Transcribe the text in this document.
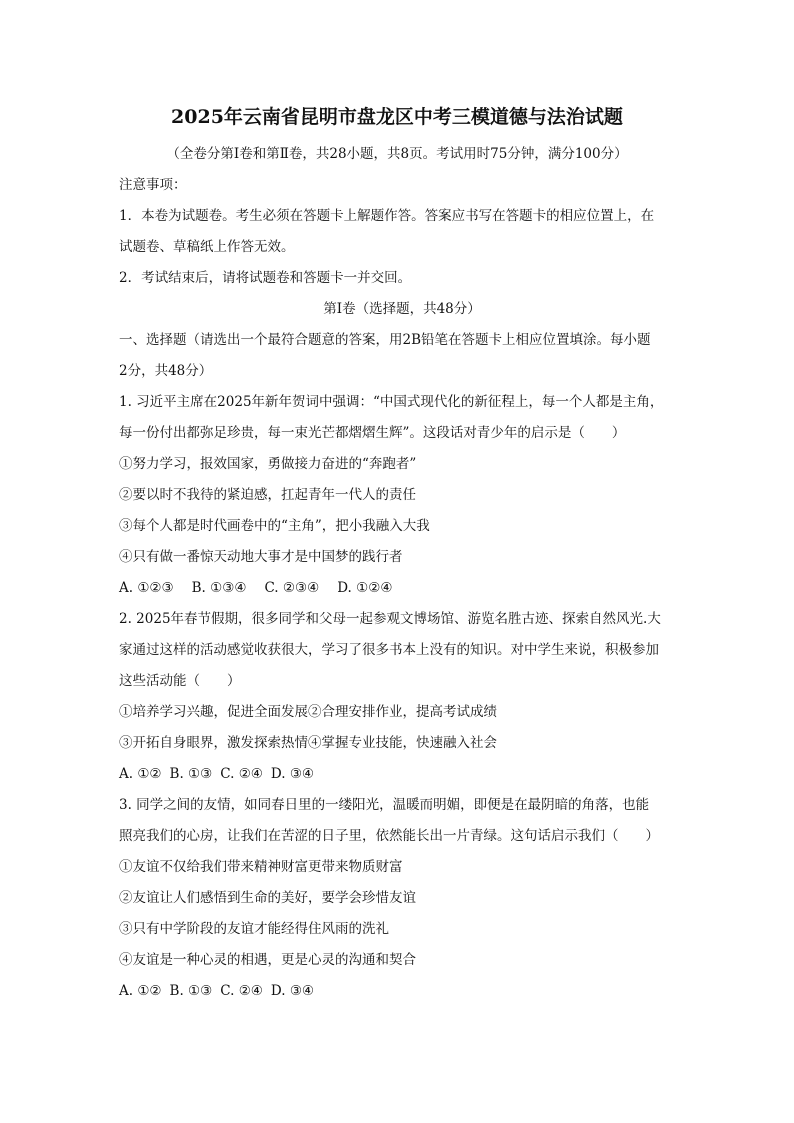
2025年云南省昆明市盘龙区中考三模道德与法治试题

（全卷分第Ⅰ卷和第Ⅱ卷，共28小题，共8页。考试用时75分钟，满分100分）

注意事项：

1．本卷为试题卷。考生必须在答题卡上解题作答。答案应书写在答题卡的相应位置上，在

试题卷、草稿纸上作答无效。

2．考试结束后，请将试题卷和答题卡一并交回。

第Ⅰ卷（选择题，共48分）

一、选择题（请选出一个最符合题意的答案，用2B铅笔在答题卡上相应位置填涂。每小题

2分，共48分）

1. 习近平主席在2025年新年贺词中强调：“中国式现代化的新征程上，每一个人都是主角，

每一份付出都弥足珍贵，每一束光芒都熠熠生辉”。这段话对青少年的启示是（　　）

①努力学习，报效国家，勇做接力奋进的“奔跑者”

②要以时不我待的紧迫感，扛起青年一代人的责任

③每个人都是时代画卷中的“主角”，把小我融入大我

④只有做一番惊天动地大事才是中国梦的践行者

A. ①②③ B. ①③④ C. ②③④ D. ①②④

2. 2025年春节假期，很多同学和父母一起参观文博场馆、游览名胜古迹、探索自然风光.大

家通过这样的活动感觉收获很大，学习了很多书本上没有的知识。对中学生来说，积极参加

这些活动能（　　）

①培养学习兴趣，促进全面发展②合理安排作业，提高考试成绩

③开拓自身眼界，激发探索热情④掌握专业技能，快速融入社会

A. ①② B. ①③ C. ②④ D. ③④

3. 同学之间的友情，如同春日里的一缕阳光，温暖而明媚，即便是在最阴暗的角落，也能

照亮我们的心房，让我们在苦涩的日子里，依然能长出一片青绿。这句话启示我们（　　）

①友谊不仅给我们带来精神财富更带来物质财富

②友谊让人们感悟到生命的美好，要学会珍惜友谊

③只有中学阶段的友谊才能经得住风雨的洗礼

④友谊是一种心灵的相遇，更是心灵的沟通和契合

A. ①② B. ①③ C. ②④ D. ③④
